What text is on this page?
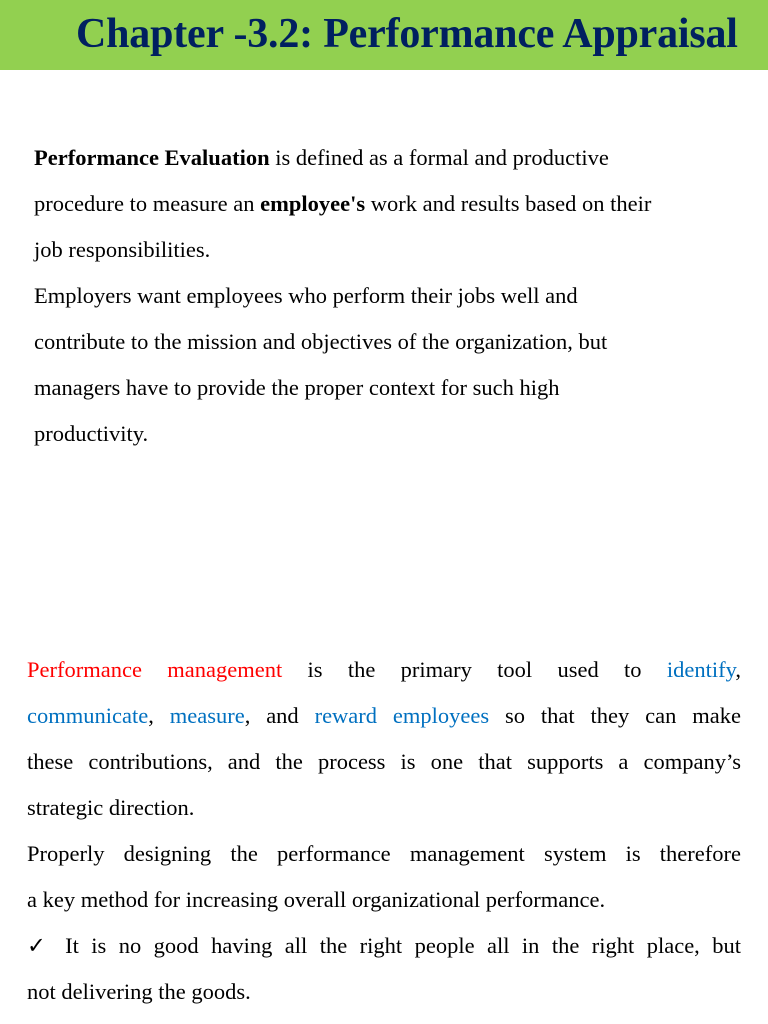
Chapter -3.2: Performance Appraisal

Performance Evaluation is defined as a formal and productive
procedure to measure an employee's work and results based on their
job responsibilities.

Employers want employees who perform their jobs well and
contribute to the mission and objectives of the organization, but
managers have to provide the proper context for such high
productivity.

Performance management is the primary tool used to identify,
communicate, measure, and reward employees so that they can make
these contributions, and the process is one that supports a company’s
strategic direction.

Properly designing the performance management system is therefore
a key method for increasing overall organizational performance.

✓ It is no good having all the right people all in the right place, but
not delivering the goods.
